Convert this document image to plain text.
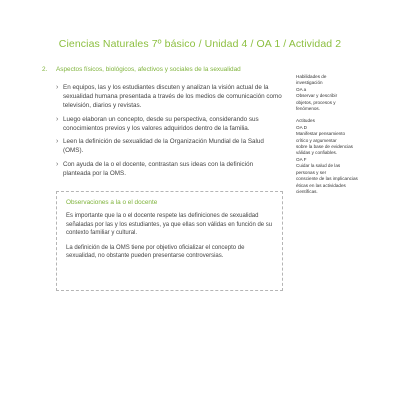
Ciencias Naturales 7º básico / Unidad 4 / OA 1 / Actividad 2
2. Aspectos físicos, biológicos, afectivos y sociales de la sexualidad
› En equipos, las y los estudiantes discuten y analizan la visión actual de la sexualidad humana presentada a través de los medios de comunicación como televisión, diarios y revistas.
› Luego elaboran un concepto, desde su perspectiva, considerando sus conocimientos previos y los valores adquiridos dentro de la familia.
› Leen la definición de sexualidad de la Organización Mundial de la Salud (OMS).
› Con ayuda de la o el docente, contrastan sus ideas con la definición planteada por la OMS.
Observaciones a la o el docente

Es importante que la o el docente respete las definiciones de sexualidad señaladas por las y los estudiantes, ya que ellas son válidas en función de su contexto familiar y cultural.

La definición de la OMS tiene por objetivo oficializar el concepto de sexualidad, no obstante pueden presentarse controversias.

Habilidades de
investigación
OA a
Observar y describir
objetos, procesos y
fenómenos.
Actitudes
OA D
Manifestar pensamiento
crítico y argumentar
sobre la base de evidencias
válidas y confiables.
OA F
Cuidar la salud de las
personas y ser
consciente de las implicancias
éticas en las actividades
científicas.
